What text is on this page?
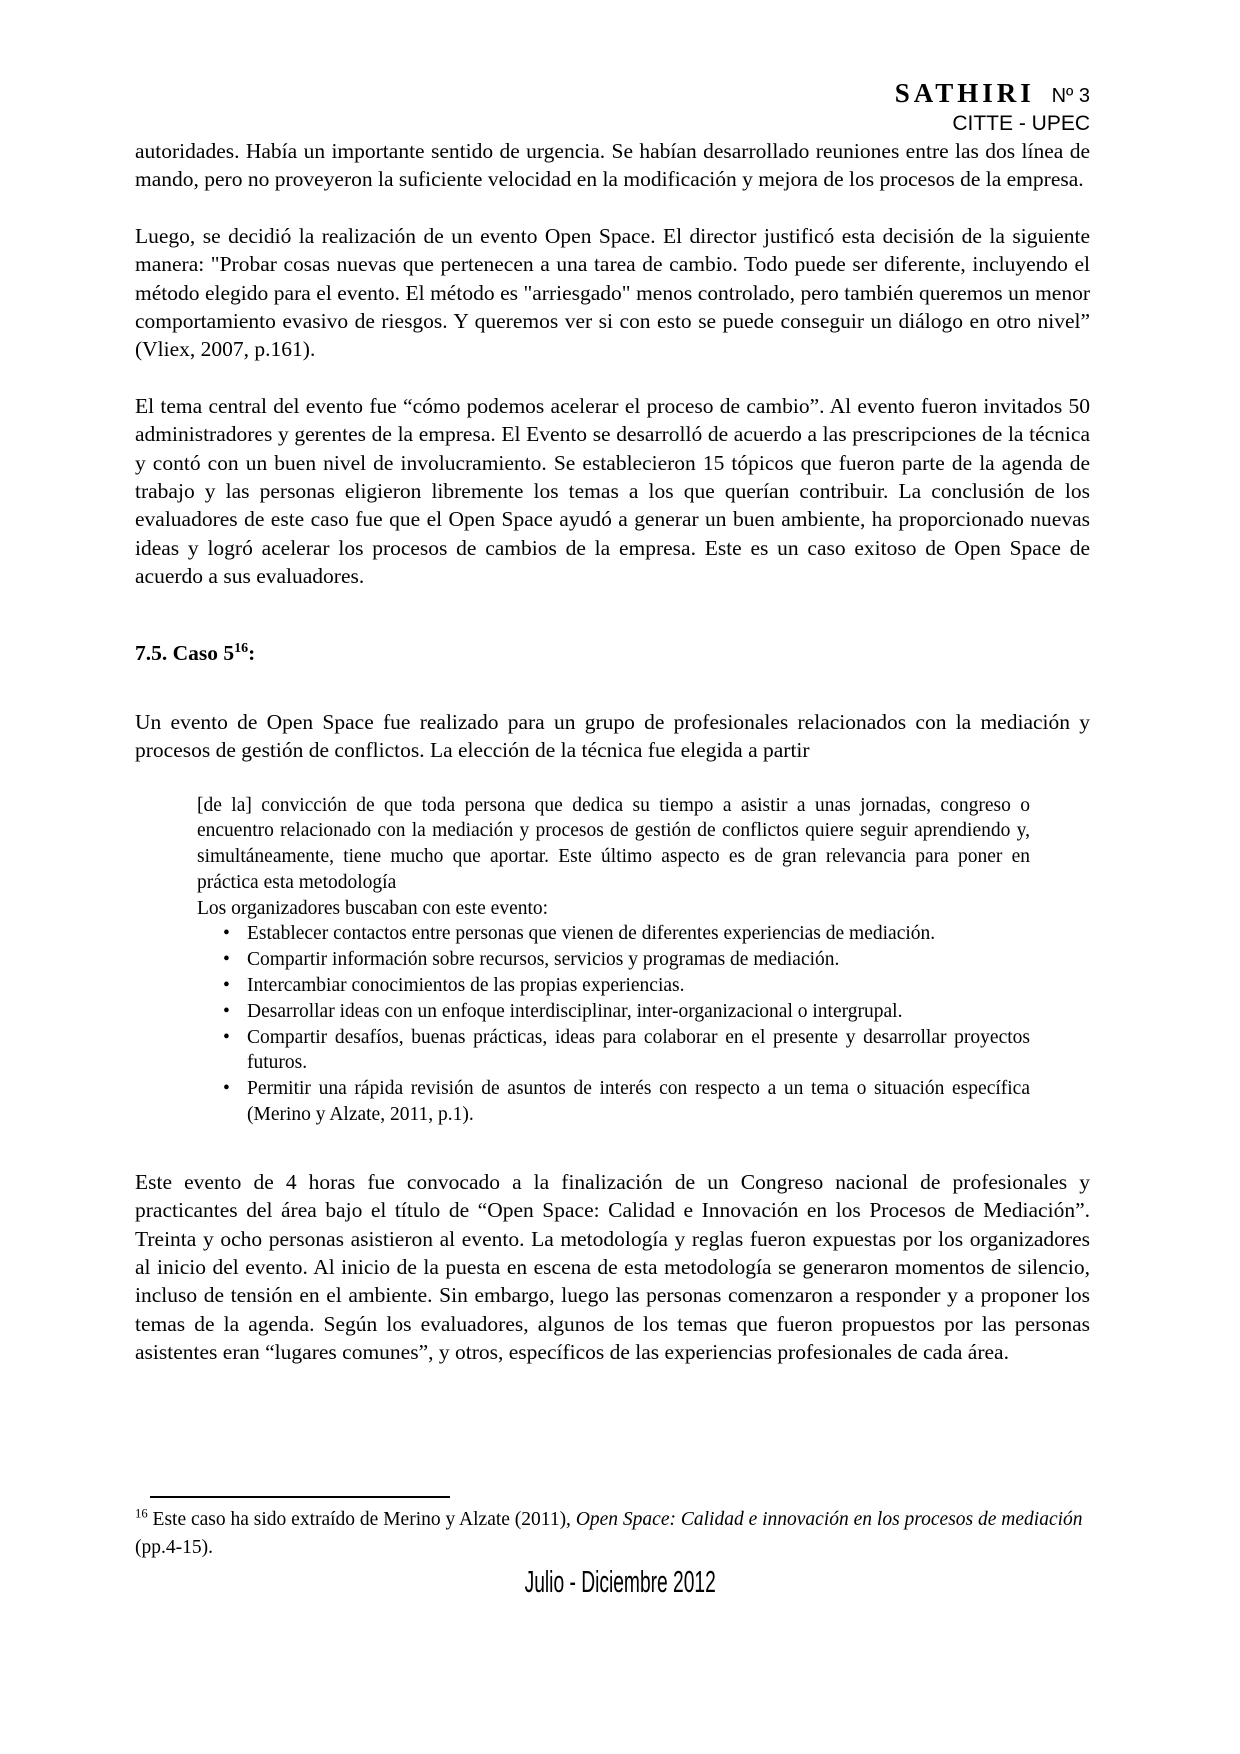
SATHIRI Nº 3
CITTE - UPEC

autoridades. Había un importante sentido de urgencia. Se habían desarrollado reuniones entre las dos línea de mando, pero no proveyeron la suficiente velocidad en la modificación y mejora de los procesos de la empresa.

Luego, se decidió la realización de un evento Open Space. El director justificó esta decisión de la siguiente manera: "Probar cosas nuevas que pertenecen a una tarea de cambio. Todo puede ser diferente, incluyendo el método elegido para el evento. El método es "arriesgado" menos controlado, pero también queremos un menor comportamiento evasivo de riesgos. Y queremos ver si con esto se puede conseguir un diálogo en otro nivel” (Vliex, 2007, p.161).

El tema central del evento fue “cómo podemos acelerar el proceso de cambio”. Al evento fueron invitados 50 administradores y gerentes de la empresa. El Evento se desarrolló de acuerdo a las prescripciones de la técnica y contó con un buen nivel de involucramiento. Se establecieron 15 tópicos que fueron parte de la agenda de trabajo y las personas eligieron libremente los temas a los que querían contribuir. La conclusión de los evaluadores de este caso fue que el Open Space ayudó a generar un buen ambiente, ha proporcionado nuevas ideas y logró acelerar los procesos de cambios de la empresa. Este es un caso exitoso de Open Space de acuerdo a sus evaluadores.

7.5. Caso $5^{16}$:

Un evento de Open Space fue realizado para un grupo de profesionales relacionados con la mediación y procesos de gestión de conflictos. La elección de la técnica fue elegida a partir

[de la] convicción de que toda persona que dedica su tiempo a asistir a unas jornadas, congreso o encuentro relacionado con la mediación y procesos de gestión de conflictos quiere seguir aprendiendo y, simultáneamente, tiene mucho que aportar. Este último aspecto es de gran relevancia para poner en práctica esta metodología

Los organizadores buscaban con este evento:

• Establecer contactos entre personas que vienen de diferentes experiencias de mediación.
• Compartir información sobre recursos, servicios y programas de mediación.
• Intercambiar conocimientos de las propias experiencias.
• Desarrollar ideas con un enfoque interdisciplinar, inter-organizacional o intergrupal.
• Compartir desafíos, buenas prácticas, ideas para colaborar en el presente y desarrollar proyectos futuros.
• Permitir una rápida revisión de asuntos de interés con respecto a un tema o situación específica (Merino y Alzate, 2011, p.1).

Este evento de 4 horas fue convocado a la finalización de un Congreso nacional de profesionales y practicantes del área bajo el título de “Open Space: Calidad e Innovación en los Procesos de Mediación”. Treinta y ocho personas asistieron al evento. La metodología y reglas fueron expuestas por los organizadores al inicio del evento. Al inicio de la puesta en escena de esta metodología se generaron momentos de silencio, incluso de tensión en el ambiente. Sin embargo, luego las personas comenzaron a responder y a proponer los temas de la agenda. Según los evaluadores, algunos de los temas que fueron propuestos por las personas asistentes eran “lugares comunes”, y otros, específicos de las experiencias profesionales de cada área.

$^{16}$ Este caso ha sido extraído de Merino y Alzate (2011), Open Space: Calidad e innovación en los procesos de mediación (pp.4-15).

Julio - Diciembre 2012
